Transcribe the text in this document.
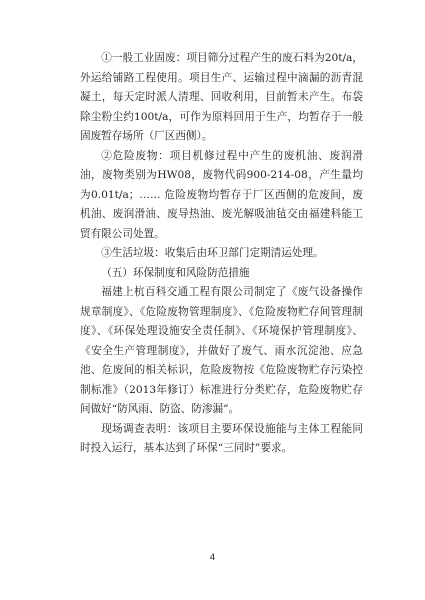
①一般工业固废：项目筛分过程产生的废石料为20t/a，外运给铺路工程使用。项目生产、运输过程中滴漏的沥青混凝土，每天定时派人清理、回收利用，目前暂未产生。布袋除尘粉尘约100t/a，可作为原料回用于生产，均暂存于一般固废暂存场所（厂区西侧）。

②危险废物：项目机修过程中产生的废机油、废润滑油，废物类别为HW08，废物代码900-214-08，产生量均为0.01t/a；…… 危险废物均暂存于厂区西侧的危废间，废机油、废润滑油、废导热油、废光解吸油毡交由福建科能工贸有限公司处置。

③生活垃圾：收集后由环卫部门定期清运处理。

（五）环保制度和风险防范措施

福建上杭百科交通工程有限公司制定了《废气设备操作规章制度》、《危险废物管理制度》、《危险废物贮存间管理制度》、《环保处理设施安全责任制》、《环境保护管理制度》、《安全生产管理制度》，并做好了废气、雨水沉淀池、应急池、危废间的相关标识，危险废物按《危险废物贮存污染控制标准》（2013年修订）标准进行分类贮存，危险废物贮存间做好“防风雨、防盗、防渗漏”。

现场调查表明：该项目主要环保设施能与主体工程能同时投入运行，基本达到了环保“三同时”要求。

4
